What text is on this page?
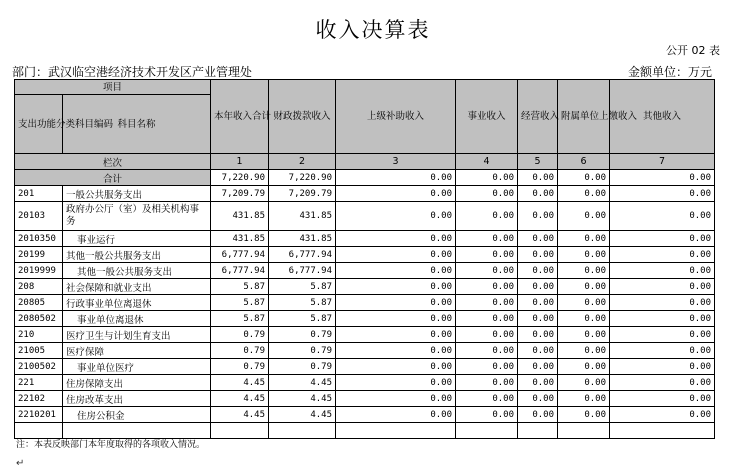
收入决算表
公开 02 表
部门：武汉临空港经济技术开发区产业管理处	金额单位：万元
项目		本年收入合计	财政拨款收入	上级补助收入	事业收入	经营收入	附属单位上缴收入	其他收入
支出功能分类科目编码	科目名称							
栏次		1	2	3	4	5	6	7
合计		7,220.90	7,220.90	0.00	0.00	0.00	0.00	0.00
201	一般公共服务支出	7,209.79	7,209.79	0.00	0.00	0.00	0.00	0.00
20103	政府办公厅（室）及相关机构事务	431.85	431.85	0.00	0.00	0.00	0.00	0.00
2010350	事业运行	431.85	431.85	0.00	0.00	0.00	0.00	0.00
20199	其他一般公共服务支出	6,777.94	6,777.94	0.00	0.00	0.00	0.00	0.00
2019999	其他一般公共服务支出	6,777.94	6,777.94	0.00	0.00	0.00	0.00	0.00
208	社会保障和就业支出	5.87	5.87	0.00	0.00	0.00	0.00	0.00
20805	行政事业单位离退休	5.87	5.87	0.00	0.00	0.00	0.00	0.00
2080502	事业单位离退休	5.87	5.87	0.00	0.00	0.00	0.00	0.00
210	医疗卫生与计划生育支出	0.79	0.79	0.00	0.00	0.00	0.00	0.00
21005	医疗保障	0.79	0.79	0.00	0.00	0.00	0.00	0.00
2100502	事业单位医疗	0.79	0.79	0.00	0.00	0.00	0.00	0.00
221	住房保障支出	4.45	4.45	0.00	0.00	0.00	0.00	0.00
22102	住房改革支出	4.45	4.45	0.00	0.00	0.00	0.00	0.00
2210201	住房公积金	4.45	4.45	0.00	0.00	0.00	0.00	0.00

注：本表反映部门本年度取得的各项收入情况。
↵
